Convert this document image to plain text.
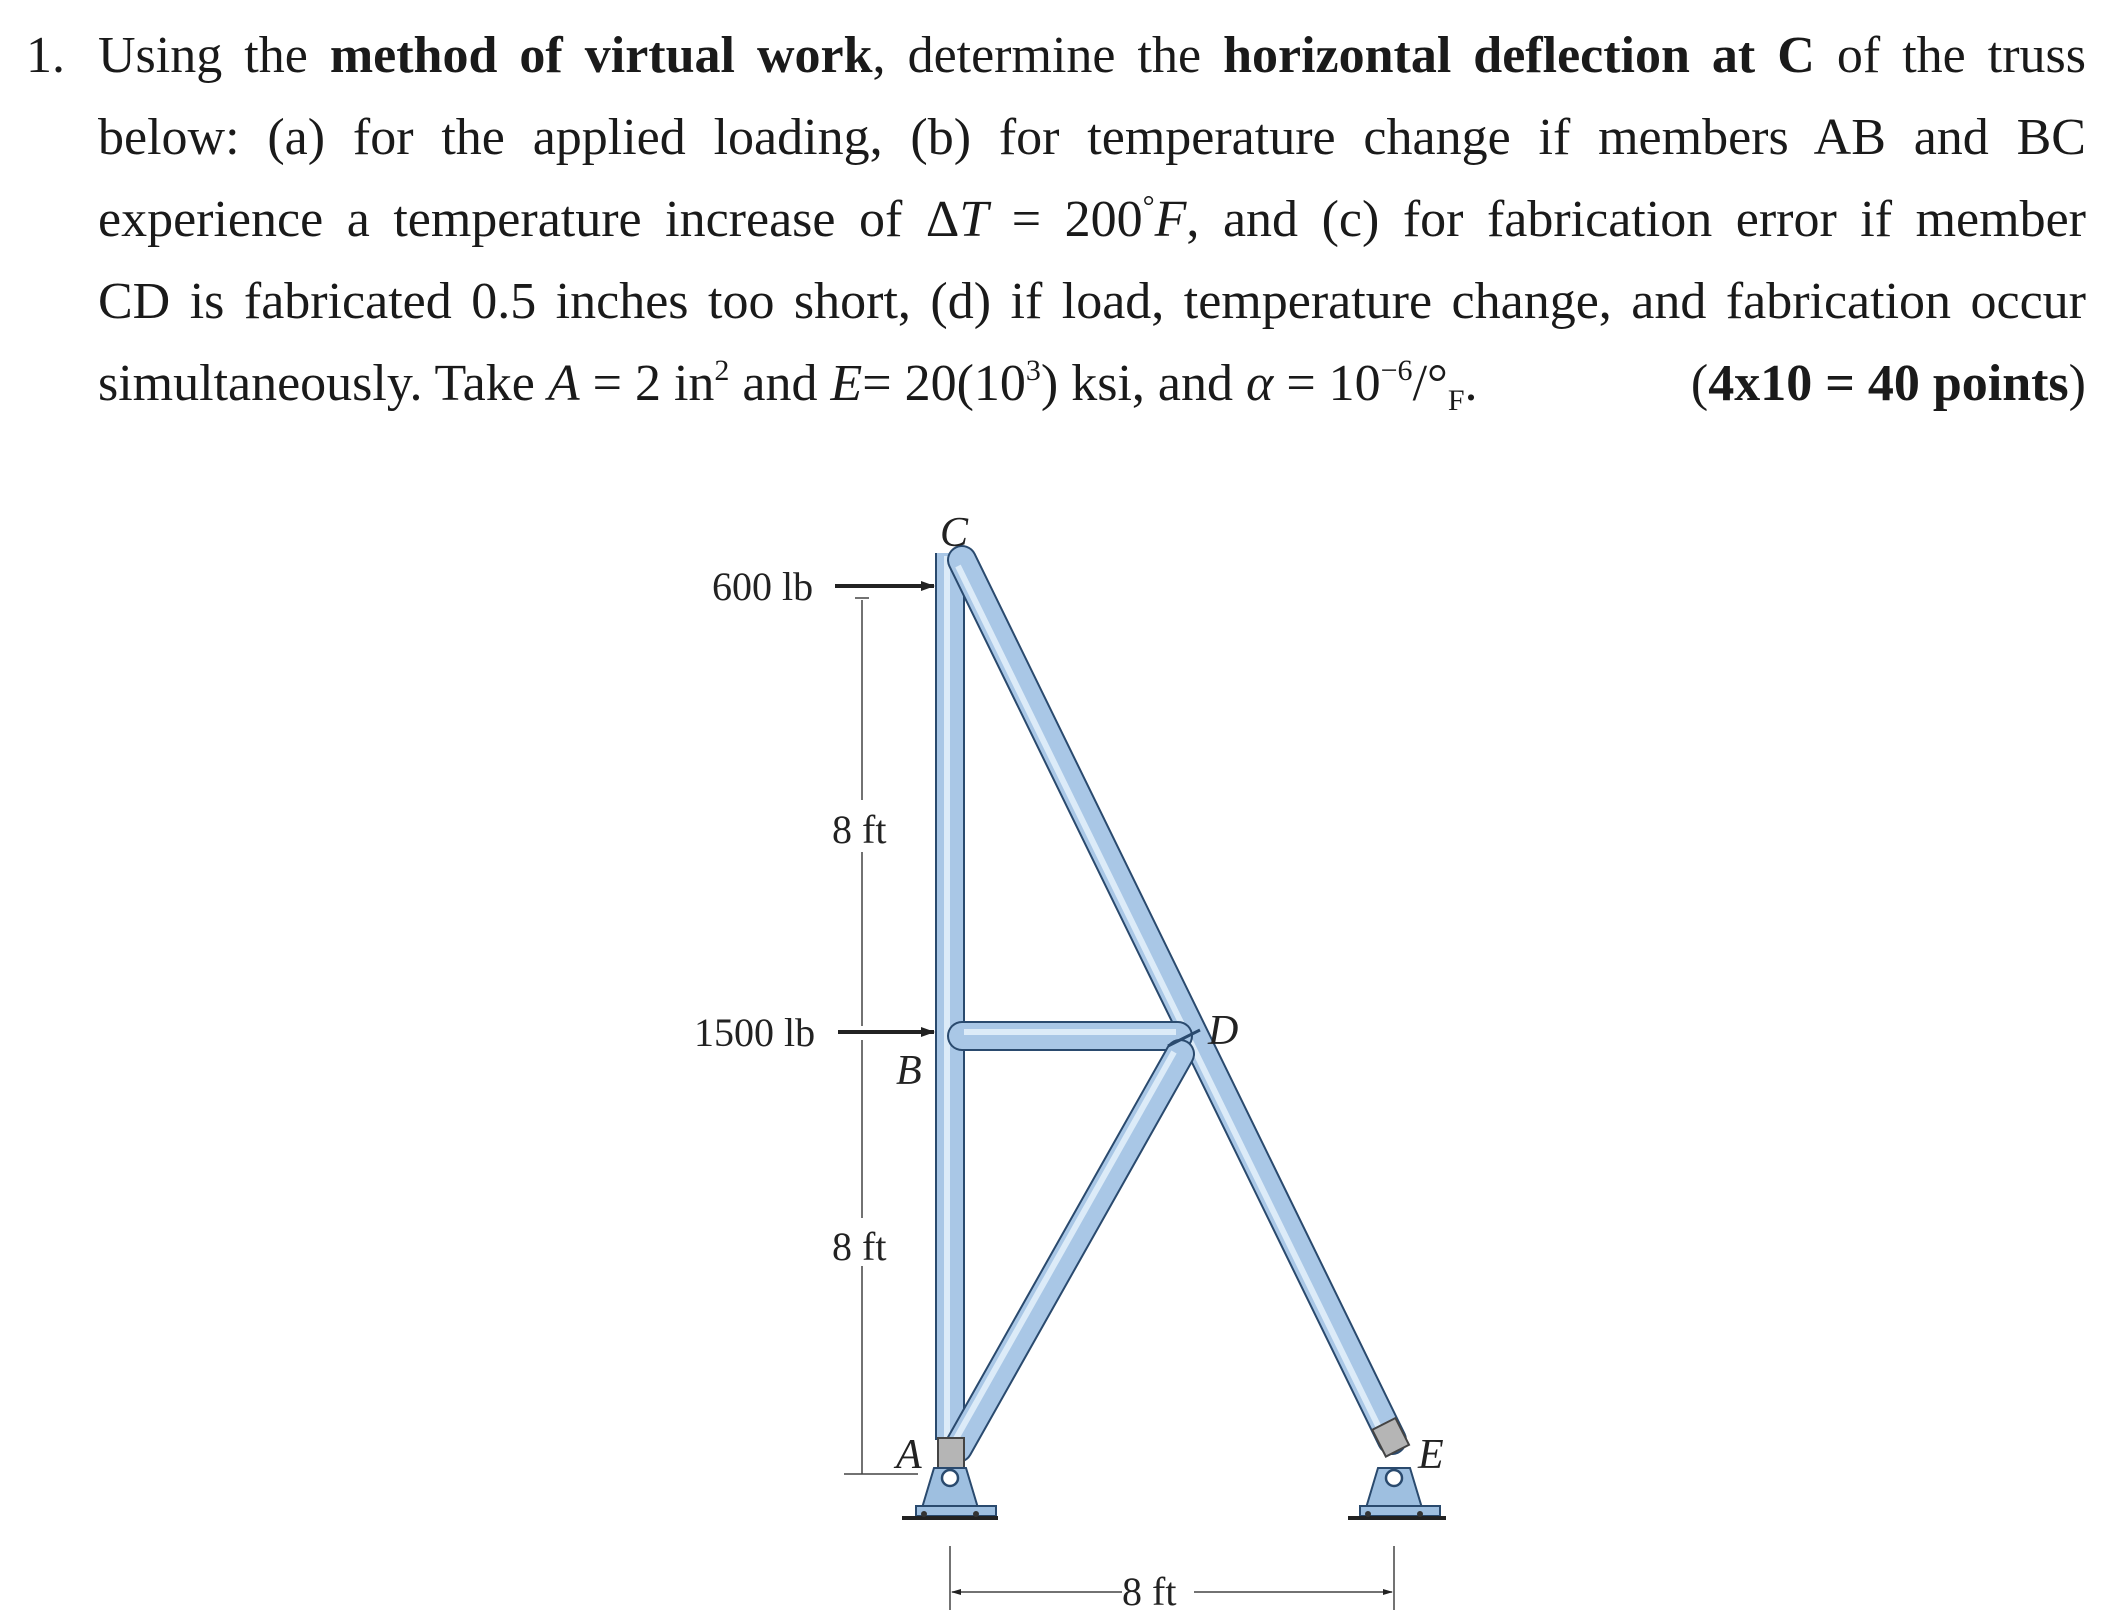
1. Using the method of virtual work, determine the horizontal deflection at C of the truss
below: (a) for the applied loading, (b) for temperature change if members AB and BC
experience a temperature increase of ΔT = 200°F, and (c) for fabrication error if member
CD is fabricated 0.5 inches too short, (d) if load, temperature change, and fabrication occur
simultaneously. Take A = 2 $in^2$ and $E= 20(10^3)$ ksi, and $\alpha = 10^{-6}/^\circ_F$.	(4x10 = 40 points)
600 lb
1500 lb
8 ft
8 ft
8 ft
C
B
D
A	E
